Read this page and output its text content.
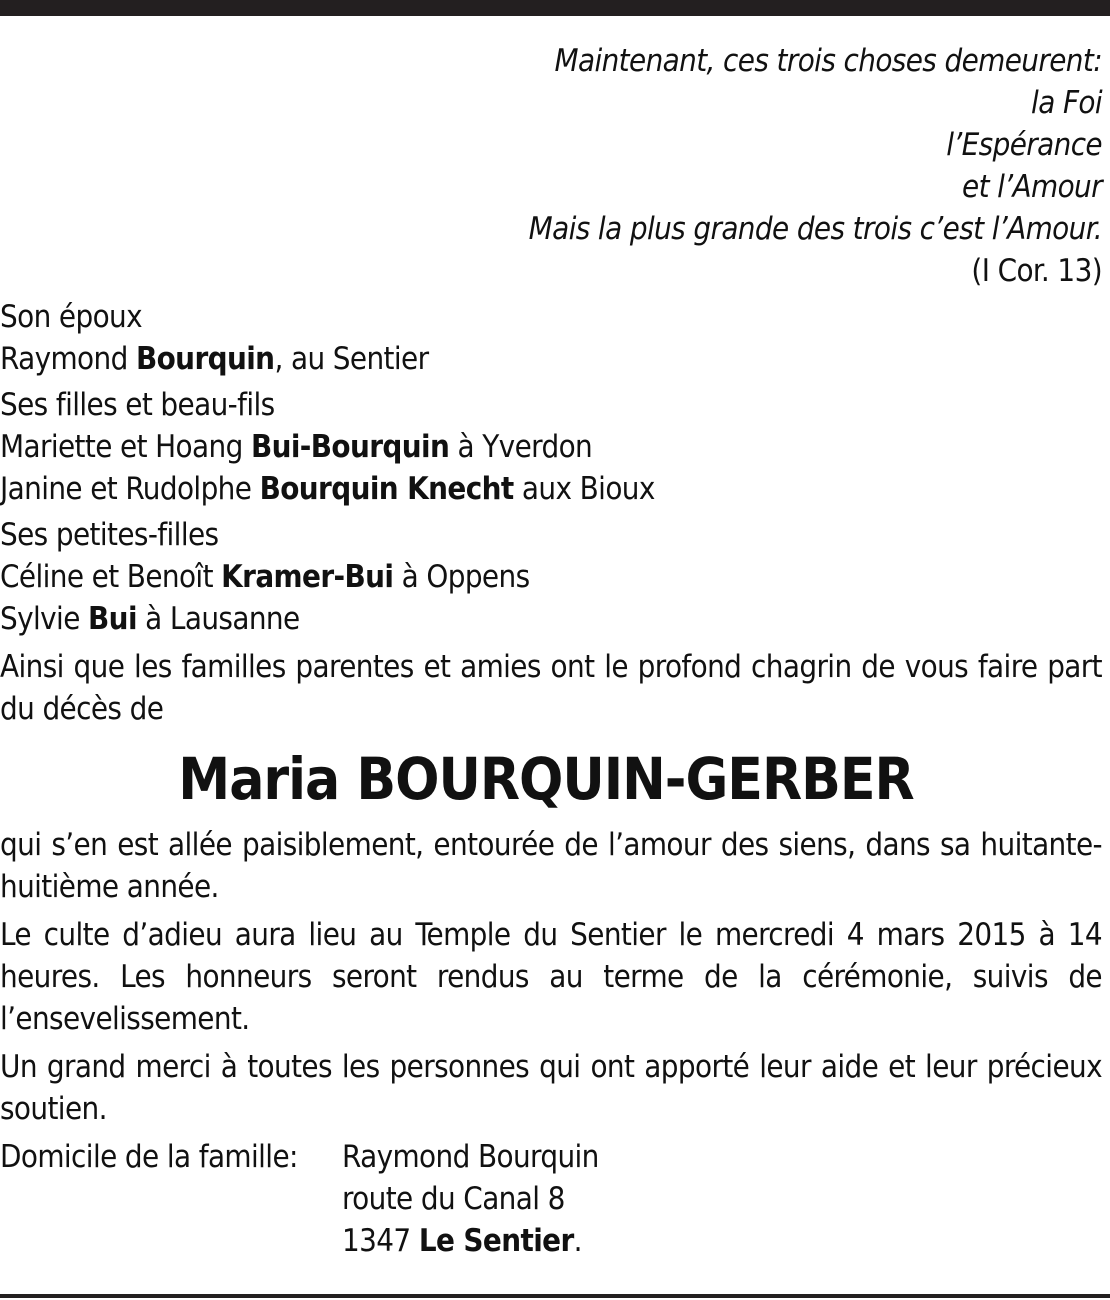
Maintenant, ces trois choses demeurent:
la Foi
l’Espérance
et l’Amour
Mais la plus grande des trois c’est l’Amour.
(I Cor. 13)
Son époux
Raymond Bourquin, au Sentier
Ses filles et beau-fils
Mariette et Hoang Bui-Bourquin à Yverdon
Janine et Rudolphe Bourquin Knecht aux Bioux
Ses petites-filles
Céline et Benoît Kramer-Bui à Oppens
Sylvie Bui à Lausanne
Ainsi que les familles parentes et amies ont le profond chagrin de vous faire part du décès de
Maria BOURQUIN-GERBER
qui s’en est allée paisiblement, entourée de l’amour des siens, dans sa huitante-huitième année.
Le culte d’adieu aura lieu au Temple du Sentier le mercredi 4 mars 2015 à 14 heures. Les honneurs seront rendus au terme de la cérémonie, suivis de l’ensevelissement.
Un grand merci à toutes les personnes qui ont apporté leur aide et leur précieux soutien.
Domicile de la famille:	Raymond Bourquin
route du Canal 8
1347 Le Sentier.
